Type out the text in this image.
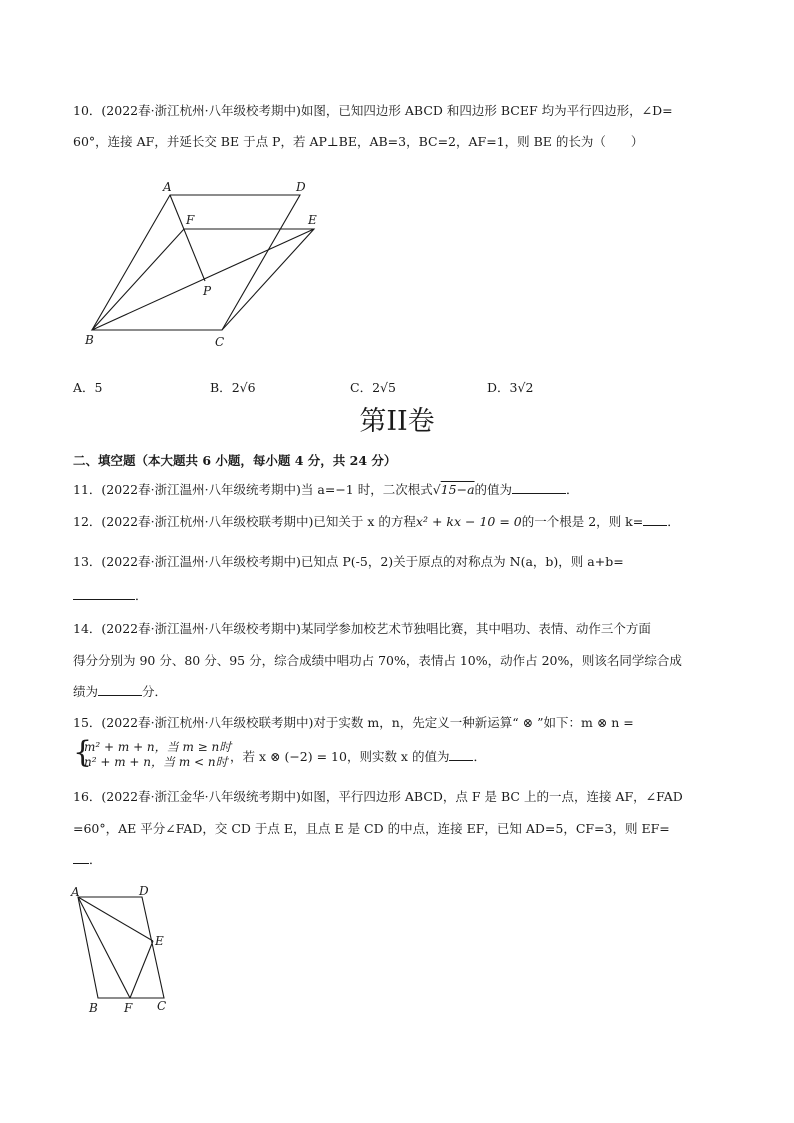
10．(2022春·浙江杭州·八年级校考期中)如图，已知四边形 ABCD 和四边形 BCEF 均为平行四边形，∠D=
60°，连接 AF，并延长交 BE 于点 P，若 AP⊥BE，AB=3，BC=2，AF=1，则 BE 的长为（　　）
A	D
F	E
P
B	C
A．5	B．2√6	C．2√5	D．3√2
第II卷
二、填空题（本大题共 6 小题，每小题 4 分，共 24 分）
11．(2022春·浙江温州·八年级统考期中)当 a=−1 时，二次根式√15−a的值为	．
12．(2022春·浙江杭州·八年级校联考期中)已知关于 x 的方程x² + kx − 10 = 0的一个根是 2，则 k= ．
13．(2022春·浙江温州·八年级校考期中)已知点 P(-5，2)关于原点的对称点为 N(a，b)，则 a+b=
．
14．(2022春·浙江温州·八年级校考期中)某同学参加校艺术节独唱比赛，其中唱功、表情、动作三个方面
得分分别为 90 分、80 分、95 分，综合成绩中唱功占 70%，表情占 10%，动作占 20%，则该名同学综合成
绩为	分．
15．(2022春·浙江杭州·八年级校联考期中)对于实数 m，n，先定义一种新运算“ ⊗ ”如下：m ⊗ n =
{
m² + m + n，当 m ≥ n时
n² + m + n，当 m < n时 ，若 x ⊗ (−2) = 10，则实数 x 的值为 ．
16．(2022春·浙江金华·八年级统考期中)如图，平行四边形 ABCD，点 F 是 BC 上的一点，连接 AF，∠FAD
=60°，AE 平分∠FAD，交 CD 于点 E，且点 E 是 CD 的中点，连接 EF，已知 AD=5，CF=3，则 EF=
．
A	D
E
B F C
